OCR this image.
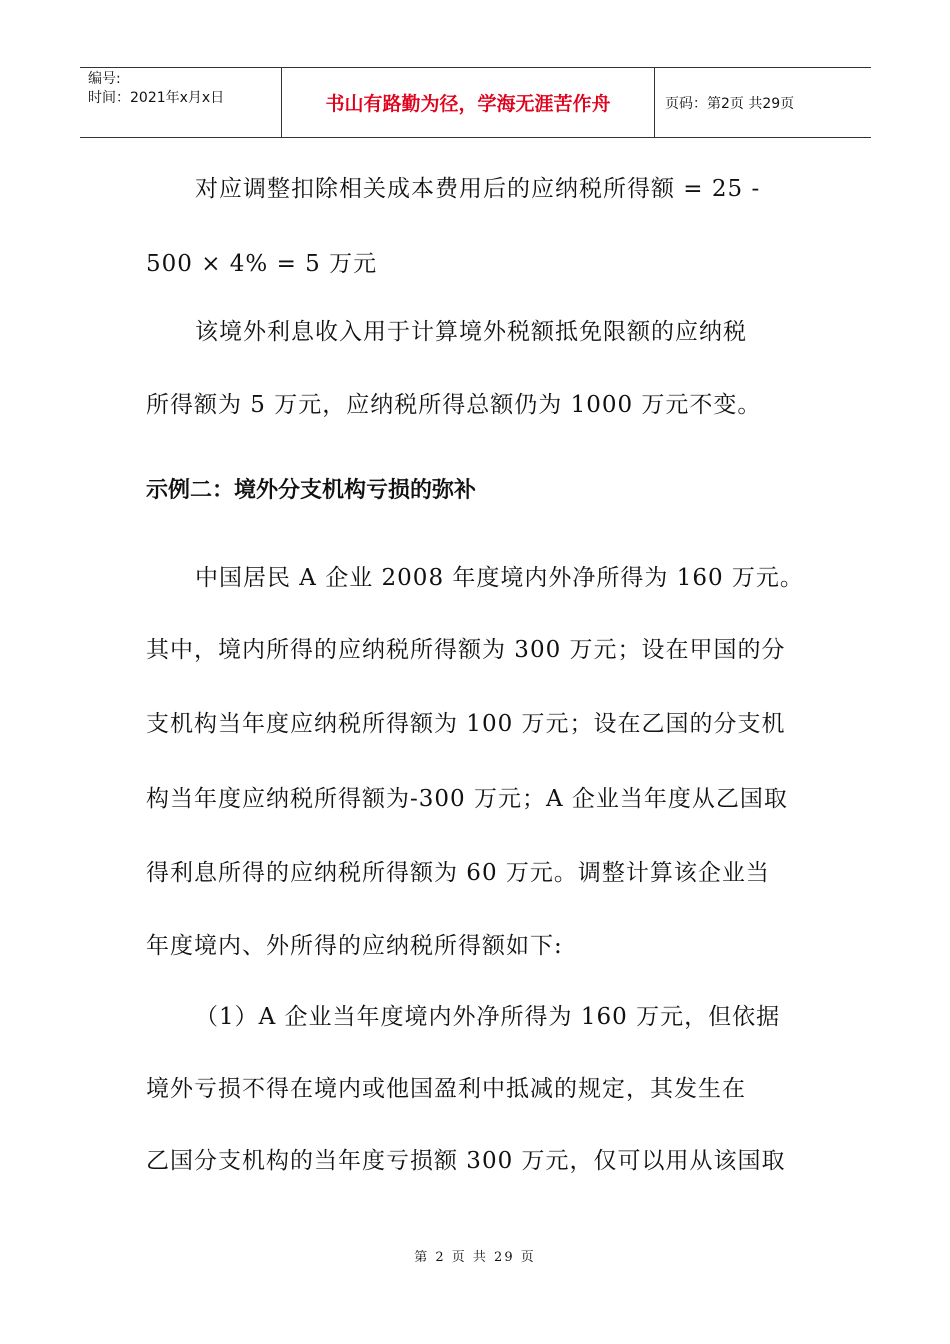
编号:
时间：2021年x月x日	书山有路勤为径，学海无涯苦作舟	页码：第2页 共29页
对应调整扣除相关成本费用后的应纳税所得额 = 25 -
500 × 4% = 5 万元
该境外利息收入用于计算境外税额抵免限额的应纳税
所得额为 5 万元，应纳税所得总额仍为 1000 万元不变。
示例二：境外分支机构亏损的弥补
中国居民 A 企业 2008 年度境内外净所得为 160 万元。
其中，境内所得的应纳税所得额为 300 万元；设在甲国的分
支机构当年度应纳税所得额为 100 万元；设在乙国的分支机
构当年度应纳税所得额为-300 万元；A 企业当年度从乙国取
得利息所得的应纳税所得额为 60 万元。调整计算该企业当
年度境内、外所得的应纳税所得额如下:
（1）A 企业当年度境内外净所得为 160 万元，但依据
境外亏损不得在境内或他国盈利中抵减的规定，其发生在
乙国分支机构的当年度亏损额 300 万元，仅可以用从该国取
第 2 页 共 29 页
